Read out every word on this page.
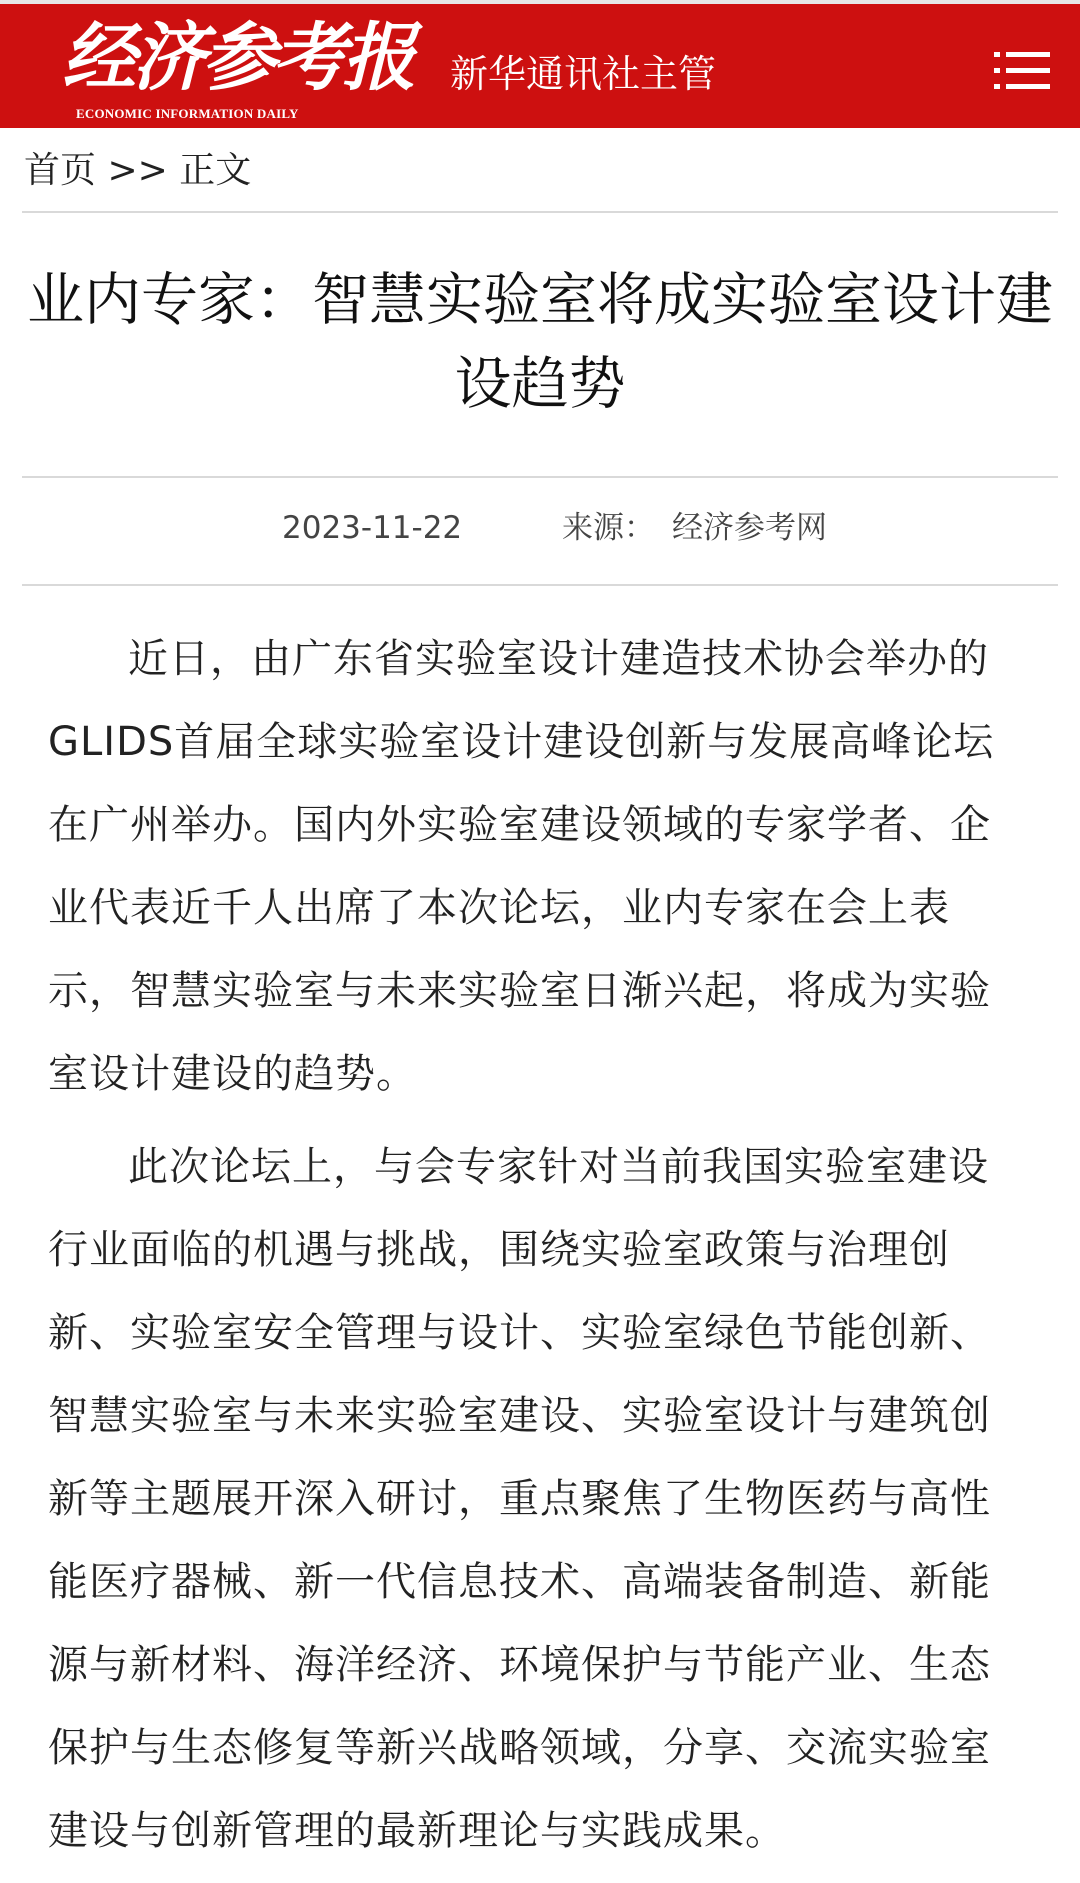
经济参考报
ECONOMIC INFORMATION DAILY
新华通讯社主管
首页 >> 正文
业内专家：智慧实验室将成实验室设计建设趋势
2023-11-22	来源： 经济参考网

近日，由广东省实验室设计建造技术协会举办的GLIDS首届全球实验室设计建设创新与发展高峰论坛在广州举办。国内外实验室建设领域的专家学者、企业代表近千人出席了本次论坛，业内专家在会上表示，智慧实验室与未来实验室日渐兴起，将成为实验室设计建设的趋势。

此次论坛上，与会专家针对当前我国实验室建设行业面临的机遇与挑战，围绕实验室政策与治理创新、实验室安全管理与设计、实验室绿色节能创新、智慧实验室与未来实验室建设、实验室设计与建筑创新等主题展开深入研讨，重点聚焦了生物医药与高性能医疗器械、新一代信息技术、高端装备制造、新能源与新材料、海洋经济、环境保护与节能产业、生态保护与生态修复等新兴战略领域，分享、交流实验室建设与创新管理的最新理论与实践成果。
